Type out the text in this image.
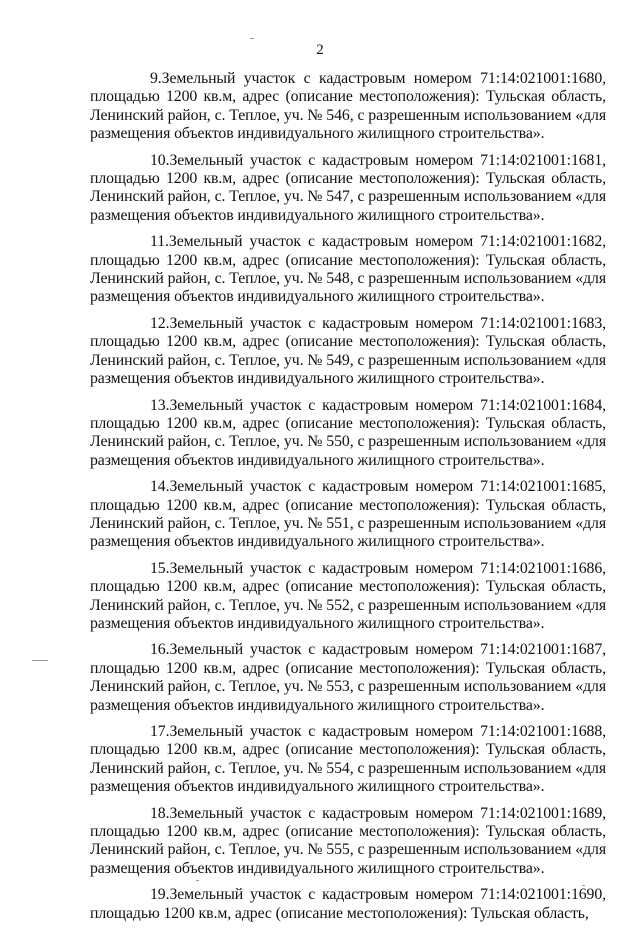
2

9.Земельный участок с кадастровым номером 71:14:021001:1680, площадью 1200 кв.м, адрес (описание местоположения): Тульская область, Ленинский район, с. Теплое, уч. № 546, с разрешенным использованием «для размещения объектов индивидуального жилищного строительства».

10.Земельный участок с кадастровым номером 71:14:021001:1681, площадью 1200 кв.м, адрес (описание местоположения): Тульская область, Ленинский район, с. Теплое, уч. № 547, с разрешенным использованием «для размещения объектов индивидуального жилищного строительства».

11.Земельный участок с кадастровым номером 71:14:021001:1682, площадью 1200 кв.м, адрес (описание местоположения): Тульская область, Ленинский район, с. Теплое, уч. № 548, с разрешенным использованием «для размещения объектов индивидуального жилищного строительства».

12.Земельный участок с кадастровым номером 71:14:021001:1683, площадью 1200 кв.м, адрес (описание местоположения): Тульская область, Ленинский район, с. Теплое, уч. № 549, с разрешенным использованием «для размещения объектов индивидуального жилищного строительства».

13.Земельный участок с кадастровым номером 71:14:021001:1684, площадью 1200 кв.м, адрес (описание местоположения): Тульская область, Ленинский район, с. Теплое, уч. № 550, с разрешенным использованием «для размещения объектов индивидуального жилищного строительства».

14.Земельный участок с кадастровым номером 71:14:021001:1685, площадью 1200 кв.м, адрес (описание местоположения): Тульская область, Ленинский район, с. Теплое, уч. № 551, с разрешенным использованием «для размещения объектов индивидуального жилищного строительства».

15.Земельный участок с кадастровым номером 71:14:021001:1686, площадью 1200 кв.м, адрес (описание местоположения): Тульская область, Ленинский район, с. Теплое, уч. № 552, с разрешенным использованием «для размещения объектов индивидуального жилищного строительства».

16.Земельный участок с кадастровым номером 71:14:021001:1687, площадью 1200 кв.м, адрес (описание местоположения): Тульская область, Ленинский район, с. Теплое, уч. № 553, с разрешенным использованием «для размещения объектов индивидуального жилищного строительства».

17.Земельный участок с кадастровым номером 71:14:021001:1688, площадью 1200 кв.м, адрес (описание местоположения): Тульская область, Ленинский район, с. Теплое, уч. № 554, с разрешенным использованием «для размещения объектов индивидуального жилищного строительства».

18.Земельный участок с кадастровым номером 71:14:021001:1689, площадью 1200 кв.м, адрес (описание местоположения): Тульская область, Ленинский район, с. Теплое, уч. № 555, с разрешенным использованием «для размещения объектов индивидуального жилищного строительства».

19.Земельный участок с кадастровым номером 71:14:021001:1690, площадью 1200 кв.м, адрес (описание местоположения): Тульская область,
